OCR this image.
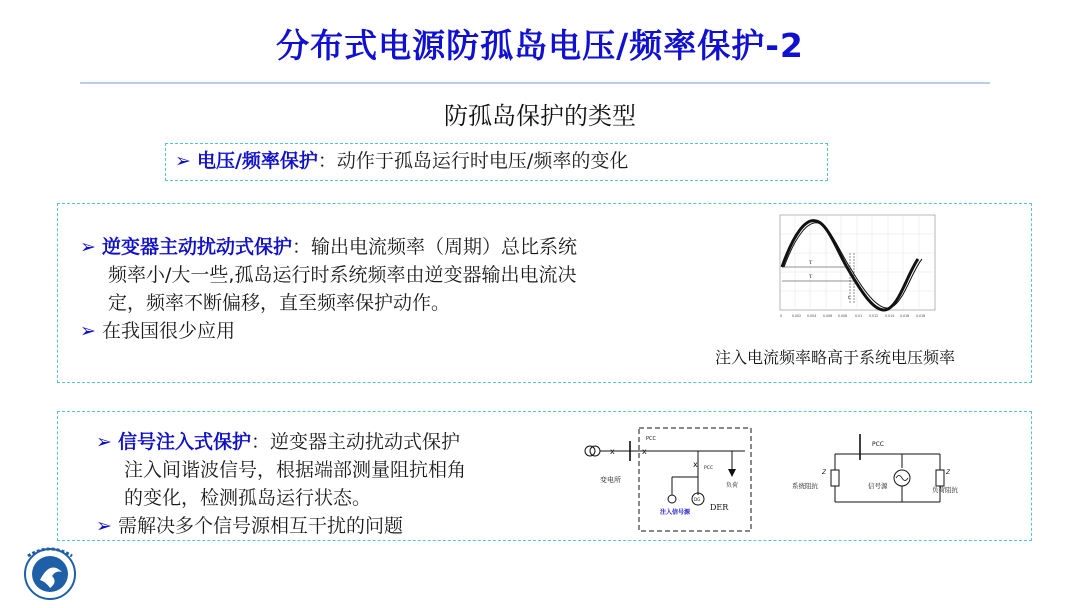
分布式电源防孤岛电压/频率保护-2
防孤岛保护的类型
➢ 电压/频率保护：动作于孤岛运行时电压/频率的变化
➢ 逆变器主动扰动式保护：输出电流频率（周期）总比系统
频率小/大一些,孤岛运行时系统频率由逆变器输出电流决
定，频率不断偏移，直至频率保护动作。
➢ 在我国很少应用
T
T
t
0	0.002 0.004 0.006 0.008 0.01 0.012 0.014 0.016 0.018
注入电流频率略高于系统电压频率
➢ 信号注入式保护：逆变器主动扰动式保护
注入间谐波信号，根据端部测量阻抗相角
的变化，检测孤岛运行状态。
➢ 需解决多个信号源相互干扰的问题
x	x
PCC
负荷
x PCC
DG
DER
变电所
注入信号源
PCC
Z	Z
系统阻抗	信号源	负荷阻抗
